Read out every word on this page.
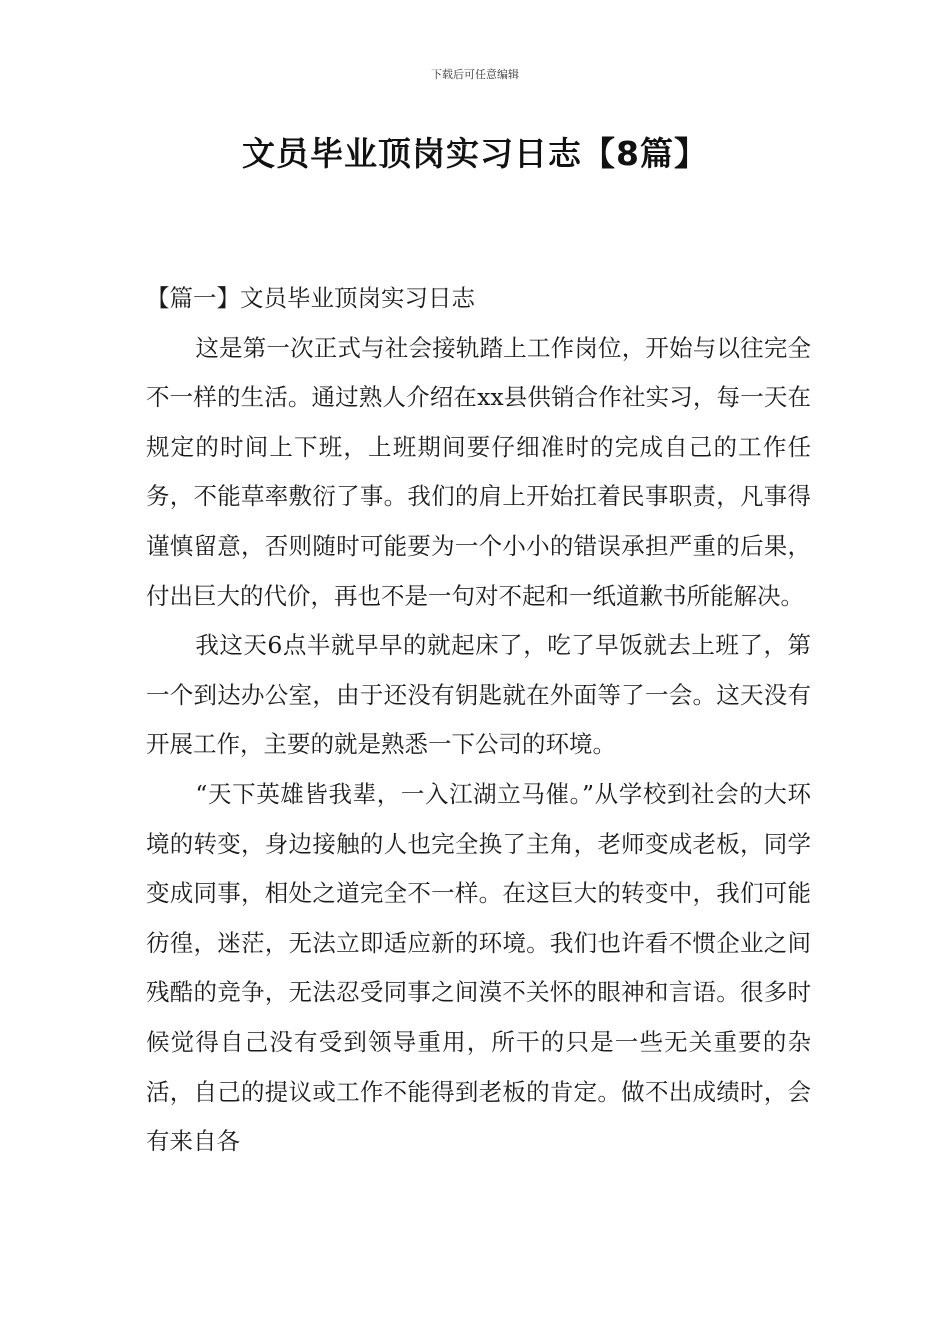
下载后可任意编辑
文员毕业顶岗实习日志【8篇】

【篇一】文员毕业顶岗实习日志

这是第一次正式与社会接轨踏上工作岗位，开始与以往完全不一样的生活。通过熟人介绍在xx县供销合作社实习，每一天在规定的时间上下班，上班期间要仔细准时的完成自己的工作任务，不能草率敷衍了事。我们的肩上开始扛着民事职责，凡事得谨慎留意，否则随时可能要为一个小小的错误承担严重的后果，付出巨大的代价，再也不是一句对不起和一纸道歉书所能解决。

我这天6点半就早早的就起床了，吃了早饭就去上班了，第一个到达办公室，由于还没有钥匙就在外面等了一会。这天没有开展工作，主要的就是熟悉一下公司的环境。

“天下英雄皆我辈，一入江湖立马催。”从学校到社会的大环境的转变，身边接触的人也完全换了主角，老师变成老板，同学变成同事，相处之道完全不一样。在这巨大的转变中，我们可能彷徨，迷茫，无法立即适应新的环境。我们也许看不惯企业之间残酷的竞争，无法忍受同事之间漠不关怀的眼神和言语。很多时候觉得自己没有受到领导重用，所干的只是一些无关重要的杂活，自己的提议或工作不能得到老板的肯定。做不出成绩时，会有来自各
